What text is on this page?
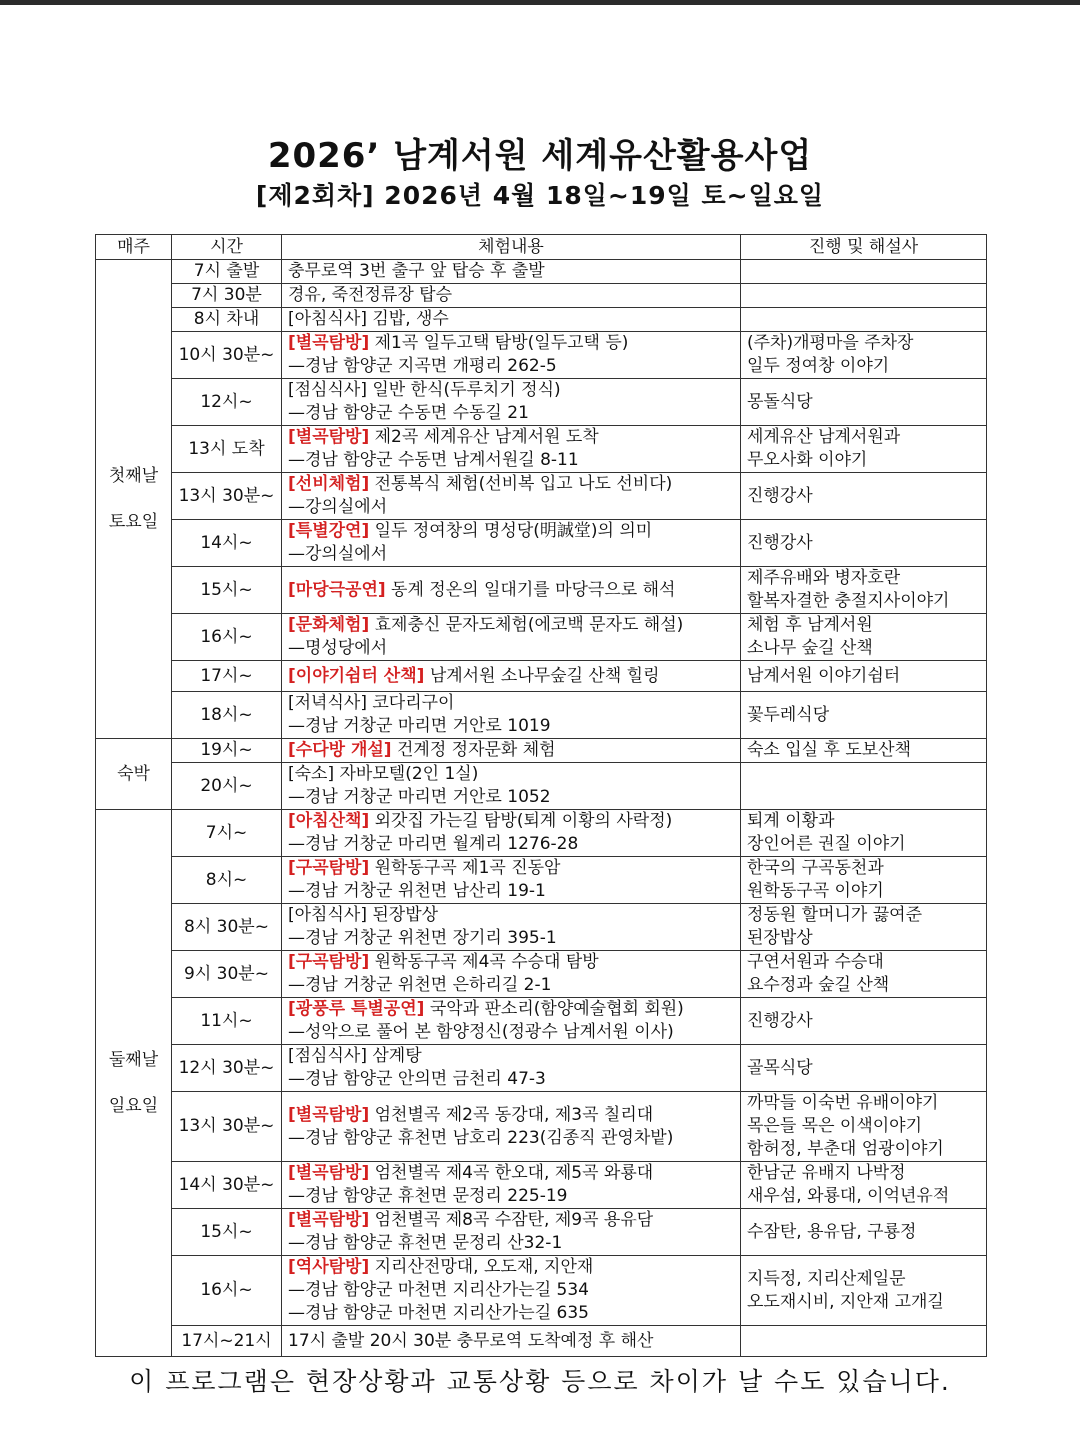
2026’ 남계서원 세계유산활용사업
[제2회차] 2026년 4월 18일~19일 토~일요일
매주	시간	체험내용	진행 및 해설사

첫째날
토요일	7시 출발	충무로역 3번 출구 앞 탑승 후 출발	

	7시 30분	경유, 죽전정류장 탑승	

	8시 차내	[아침식사] 김밥, 생수	

	10시 30분~	[별곡탐방] 제1곡 일두고택 탐방(일두고택 등)
—경남 함양군 지곡면 개평리 262-5	(주차)개평마을 주차장
일두 정여창 이야기

	12시~	[점심식사] 일반 한식(두루치기 정식)
—경남 함양군 수동면 수동길 21	몽돌식당

	13시 도착	[별곡탐방] 제2곡 세계유산 남계서원 도착
—경남 함양군 수동면 남계서원길 8-11	세계유산 남계서원과
무오사화 이야기

	13시 30분~	[선비체험] 전통복식 체험(선비복 입고 나도 선비다)
—강의실에서	진행강사

	14시~	[특별강연] 일두 정여창의 명성당(明誠堂)의 의미
—강의실에서	진행강사

	15시~	[마당극공연] 동계 정온의 일대기를 마당극으로 해석	제주유배와 병자호란
할복자결한 충절지사이야기

	16시~	[문화체험] 효제충신 문자도체험(에코백 문자도 해설)
—명성당에서	체험 후 남계서원
소나무 숲길 산책

	17시~	[이야기쉼터 산책] 남계서원 소나무숲길 산책 힐링	남계서원 이야기쉼터

	18시~	[저녁식사] 코다리구이
—경남 거창군 마리면 거안로 1019	꽃두레식당

숙박	19시~	[수다방 개설] 건계정 정자문화 체험	숙소 입실 후 도보산책

	20시~	[숙소] 자바모텔(2인 1실)
—경남 거창군 마리면 거안로 1052	

둘째날
일요일	7시~	[아침산책] 외갓집 가는길 탐방(퇴계 이황의 사락정)
—경남 거창군 마리면 월계리 1276-28	퇴계 이황과
장인어른 권질 이야기

	8시~	[구곡탐방] 원학동구곡 제1곡 진동암
—경남 거창군 위천면 남산리 19-1	한국의 구곡동천과
원학동구곡 이야기

	8시 30분~	[아침식사] 된장밥상
—경남 거창군 위천면 장기리 395-1	정동원 할머니가 끓여준
된장밥상

	9시 30분~	[구곡탐방] 원학동구곡 제4곡 수승대 탐방
—경남 거창군 위천면 은하리길 2-1	구연서원과 수승대
요수정과 숲길 산책

	11시~	[광풍루 특별공연] 국악과 판소리(함양예술협회 회원)
—성악으로 풀어 본 함양정신(정광수 남계서원 이사)	진행강사

	12시 30분~	[점심식사] 삼계탕
—경남 함양군 안의면 금천리 47-3	골목식당

	13시 30분~	[별곡탐방] 엄천별곡 제2곡 동강대, 제3곡 칠리대
—경남 함양군 휴천면 남호리 223(김종직 관영차밭)	까막들 이숙번 유배이야기
목은들 목은 이색이야기
함허정, 부춘대 엄광이야기

	14시 30분~	[별곡탐방] 엄천별곡 제4곡 한오대, 제5곡 와룡대
—경남 함양군 휴천면 문정리 225-19	한남군 유배지 나박정
새우섬, 와룡대, 이억년유적

	15시~	[별곡탐방] 엄천별곡 제8곡 수잠탄, 제9곡 용유담
—경남 함양군 휴천면 문정리 산32-1	수잠탄, 용유담, 구룡정

	16시~	[역사탐방] 지리산전망대, 오도재, 지안재
—경남 함양군 마천면 지리산가는길 534
—경남 함양군 마천면 지리산가는길 635	지득정, 지리산제일문
오도재시비, 지안재 고개길

	17시~21시	17시 출발 20시 30분 충무로역 도착예정 후 해산	

이 프로그램은 현장상황과 교통상황 등으로 차이가 날 수도 있습니다.
